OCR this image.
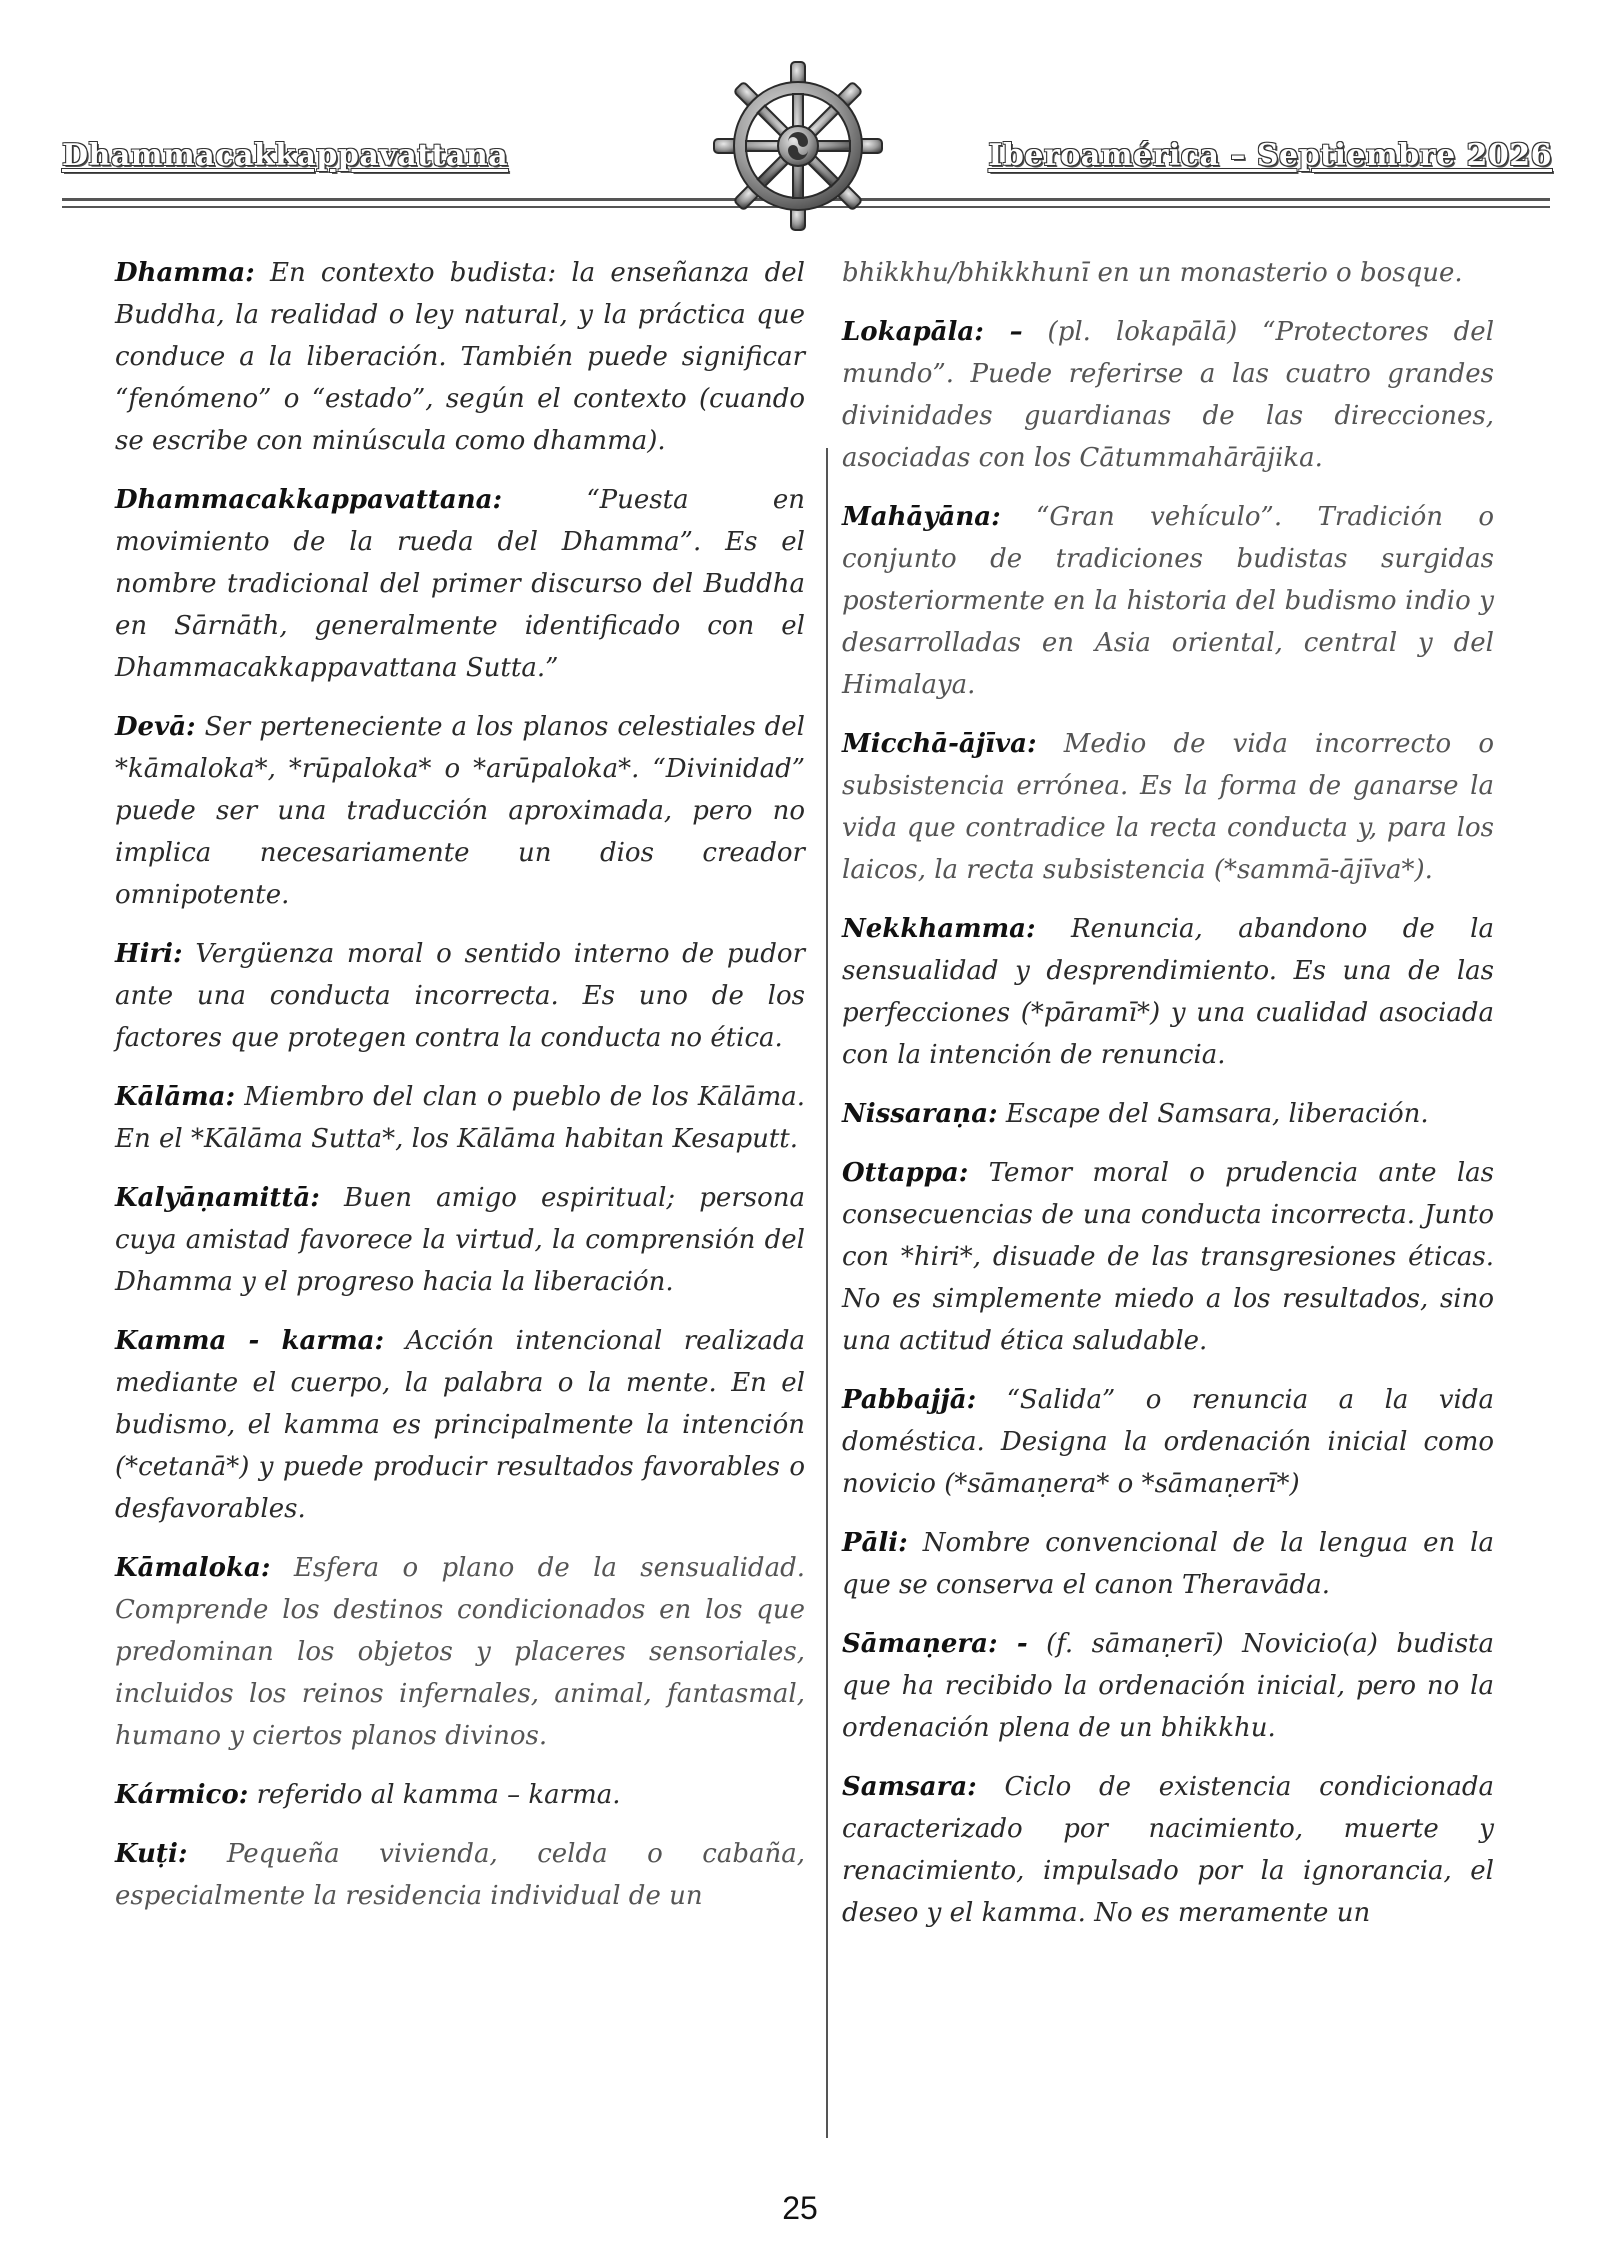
Dhammacakkappavattana	Iberoamérica – Septiembre 2026

Dhamma: En contexto budista: la enseñanza del Buddha, la realidad o ley natural, y la práctica que conduce a la liberación. También puede significar “fenómeno” o “estado”, según el contexto (cuando se escribe con minúscula como dhamma).

Dhammacakkappavattana: “Puesta en movimiento de la rueda del Dhamma”. Es el nombre tradicional del primer discurso del Buddha en Sārnāth, generalmente identificado con el Dhammacakkappavattana Sutta.”

Devā: Ser perteneciente a los planos celestiales del *kāmaloka*, *rūpaloka* o *arūpaloka*. “Divinidad” puede ser una traducción aproximada, pero no implica necesariamente un dios creador omnipotente.

Hiri: Vergüenza moral o sentido interno de pudor ante una conducta incorrecta. Es uno de los factores que protegen contra la conducta no ética.

Kālāma: Miembro del clan o pueblo de los Kālāma. En el *Kālāma Sutta*, los Kālāma habitan Kesaputt.

Kalyāṇamittā: Buen amigo espiritual; persona cuya amistad favorece la virtud, la comprensión del Dhamma y el progreso hacia la liberación.

Kamma - karma: Acción intencional realizada mediante el cuerpo, la palabra o la mente. En el budismo, el kamma es principalmente la intención (*cetanā*) y puede producir resultados favorables o desfavorables.

Kāmaloka: Esfera o plano de la sensualidad. Comprende los destinos condicionados en los que predominan los objetos y placeres sensoriales, incluidos los reinos infernales, animal, fantasmal, humano y ciertos planos divinos.

Kármico: referido al kamma – karma.

Kuṭi: Pequeña vivienda, celda o cabaña, especialmente la residencia individual de un

bhikkhu/bhikkhunī en un monasterio o bosque.

Lokapāla: – (pl. lokapālā) “Protectores del mundo”. Puede referirse a las cuatro grandes divinidades guardianas de las direcciones, asociadas con los Cātummahārājika.

Mahāyāna: “Gran vehículo”. Tradición o conjunto de tradiciones budistas surgidas posteriormente en la historia del budismo indio y desarrolladas en Asia oriental, central y del Himalaya.

Micchā-ājīva: Medio de vida incorrecto o subsistencia errónea. Es la forma de ganarse la vida que contradice la recta conducta y, para los laicos, la recta subsistencia (*sammā-ājīva*).

Nekkhamma: Renuncia, abandono de la sensualidad y desprendimiento. Es una de las perfecciones (*pāramī*) y una cualidad asociada con la intención de renuncia.

Nissaraṇa: Escape del Samsara, liberación.

Ottappa: Temor moral o prudencia ante las consecuencias de una conducta incorrecta. Junto con *hiri*, disuade de las transgresiones éticas. No es simplemente miedo a los resultados, sino una actitud ética saludable.

Pabbajjā: “Salida” o renuncia a la vida doméstica. Designa la ordenación inicial como novicio (*sāmaṇera* o *sāmaṇerī*)

Pāli: Nombre convencional de la lengua en la que se conserva el canon Theravāda.

Sāmaṇera: - (f. sāmaṇerī) Novicio(a) budista que ha recibido la ordenación inicial, pero no la ordenación plena de un bhikkhu.

Samsara: Ciclo de existencia condicionada caracterizado por nacimiento, muerte y renacimiento, impulsado por la ignorancia, el deseo y el kamma. No es meramente un

25
